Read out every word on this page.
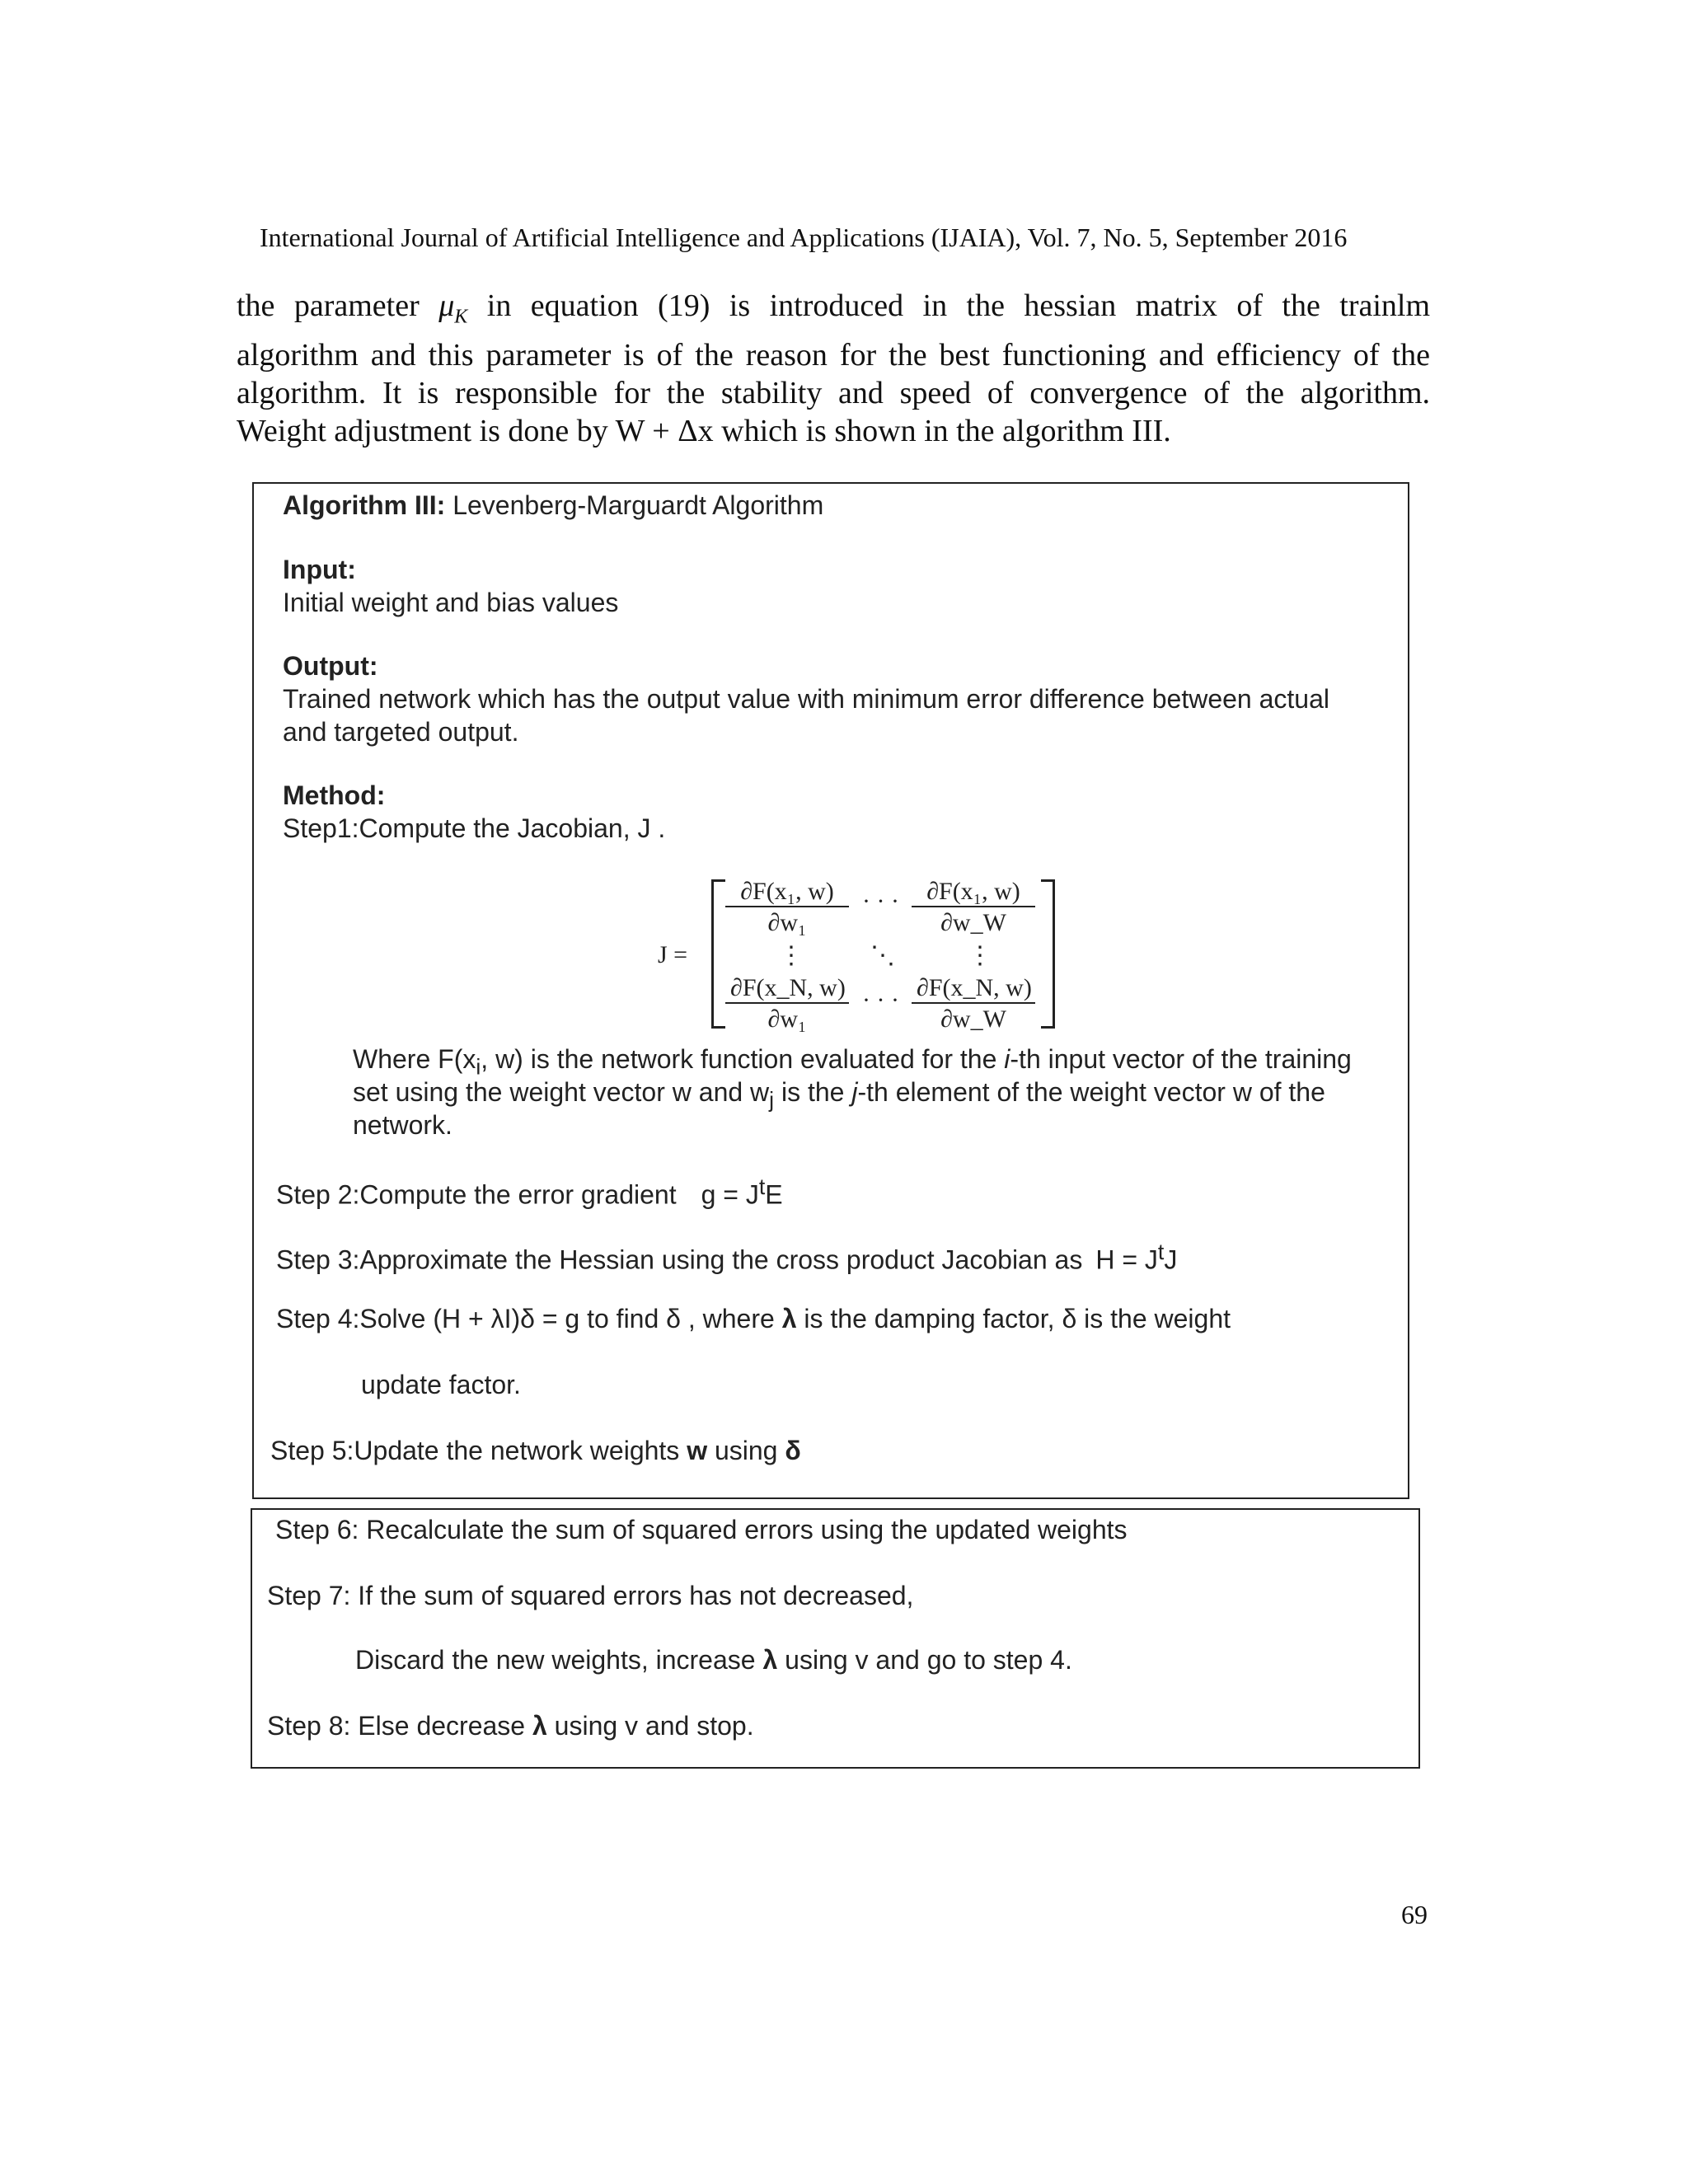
International Journal of Artificial Intelligence and Applications (IJAIA), Vol. 7, No. 5, September 2016
the parameter $\mu_K$ in equation (19) is introduced in the hessian matrix of the trainlm
algorithm and this parameter is of the reason for the best functioning and efficiency of the
algorithm. It is responsible for the stability and speed of convergence of the algorithm.
Weight adjustment is done by W + Δx which is shown in the algorithm III.
Algorithm III: Levenberg-Marguardt Algorithm
Input:
Initial weight and bias values
Output:
Trained network which has the output value with minimum error difference between actual
and targeted output.
Method:
Step1:Compute the Jacobian, J .
J =
$\frac{\text{∂F(x₁, w)}}{\text{∂w₁}}$ · · · $\frac{\text{∂F(x₁, w)}}{\partial w\_W}$
⋮	⋱	⋮
$\frac{\partial F(x\_N, w)}{\text{∂w₁}}$ · · · $\frac{\partial F(x\_N, w)}{\partial w\_W}$
Where $F(x_i$, w) is the network function evaluated for the i-th input vector of the training
set using the weight vector w and $w_j$ is the j-th element of the weight vector w of the
network.
Step 2:Compute the error gradient $g = J^tE$
Step 3:Approximate the Hessian using the cross product Jacobian as $H = J^tJ$
Step 4:Solve (H + λI)δ = g to find δ , where λ is the damping factor, δ is the weight
update factor.
Step 5:Update the network weights w using δ
Step 6: Recalculate the sum of squared errors using the updated weights
Step 7: If the sum of squared errors has not decreased,
Discard the new weights, increase λ using v and go to step 4.
Step 8: Else decrease λ using v and stop.
69
